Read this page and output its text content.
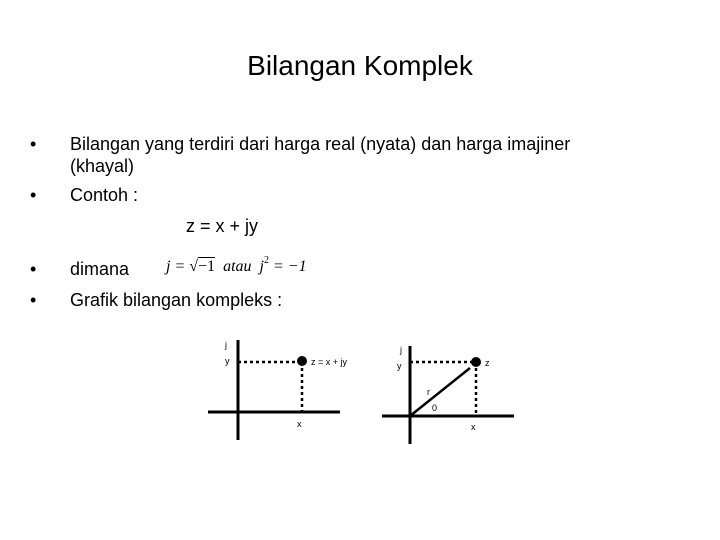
Bilangan Komplek
• Bilangan yang terdiri dari harga real (nyata) dan harga imajiner
(khayal)
• Contoh :
z = x + jy
• dimana j = √−1 atau $j^2 = -1$
• Grafik bilangan kompleks :
j
y	z = x + jy
x
j
y	z
r
0
x
